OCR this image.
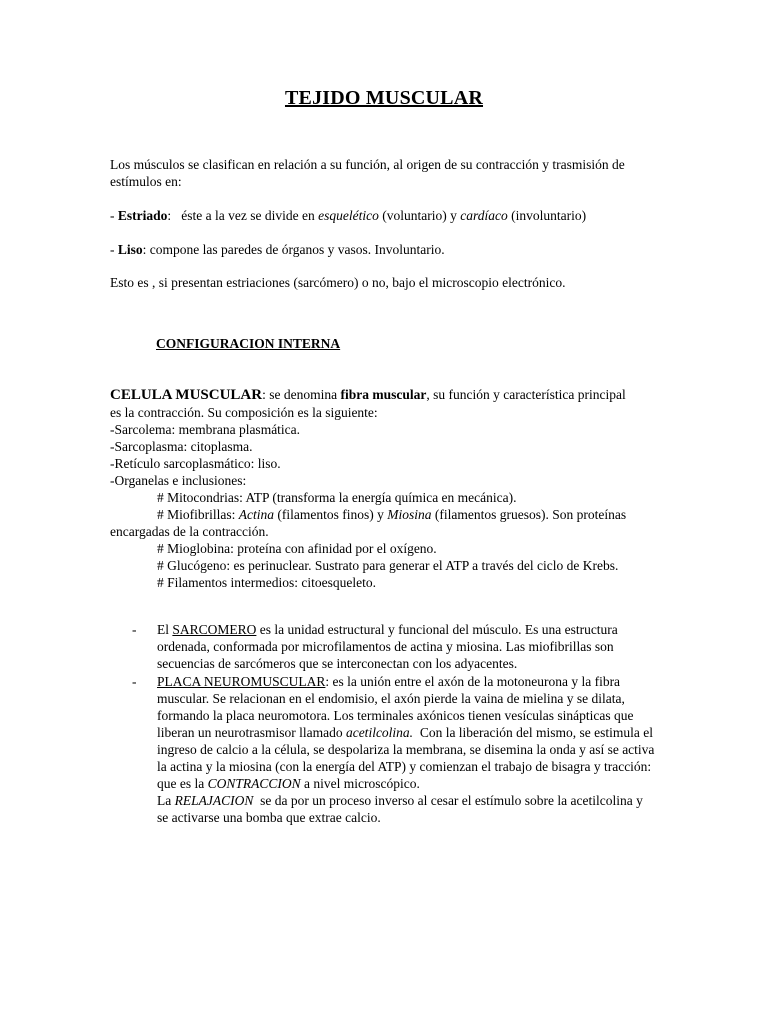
TEJIDO MUSCULAR

Los músculos se clasifican en relación a su función, al origen de su contracción y trasmisión de estímulos en:

- Estriado:   éste a la vez se divide en esquelético (voluntario) y cardíaco (involuntario)

- Liso: compone las paredes de órganos y vasos. Involuntario.

Esto es , si presentan estriaciones (sarcómero) o no, bajo el microscopio electrónico.

CONFIGURACION INTERNA
CELULA MUSCULAR: se denomina fibra muscular, su función y característica principal es la contracción. Su composición es la siguiente:
-Sarcolema: membrana plasmática.
-Sarcoplasma: citoplasma.
-Retículo sarcoplasmático: liso.
-Organelas e inclusiones:
# Mitocondrias: ATP (transforma la energía química en mecánica).
# Miofibrillas: Actina (filamentos finos) y Miosina (filamentos gruesos). Son proteínas encargadas de la contracción.
# Mioglobina: proteína con afinidad por el oxígeno.
# Glucógeno: es perinuclear. Sustrato para generar el ATP a través del ciclo de Krebs.
# Filamentos intermedios: citoesqueleto.
- El SARCOMERO es la unidad estructural y funcional del músculo. Es una estructura ordenada, conformada por microfilamentos de actina y miosina. Las miofibrillas son secuencias de sarcómeros que se interconectan con los adyacentes.
- PLACA NEUROMUSCULAR: es la unión entre el axón de la motoneurona y la fibra muscular. Se relacionan en el endomisio, el axón pierde la vaina de mielina y se dilata, formando la placa neuromotora. Los terminales axónicos tienen vesículas sinápticas que liberan un neurotrasmisor llamado acetilcolina.  Con la liberación del mismo, se estimula el ingreso de calcio a la célula, se despolariza la membrana, se disemina la onda y así se activa la actina y la miosina (con la energía del ATP) y comienzan el trabajo de bisagra y tracción: que es la CONTRACCION a nivel microscópico.
La RELAJACION  se da por un proceso inverso al cesar el estímulo sobre la acetilcolina y se activarse una bomba que extrae calcio.
